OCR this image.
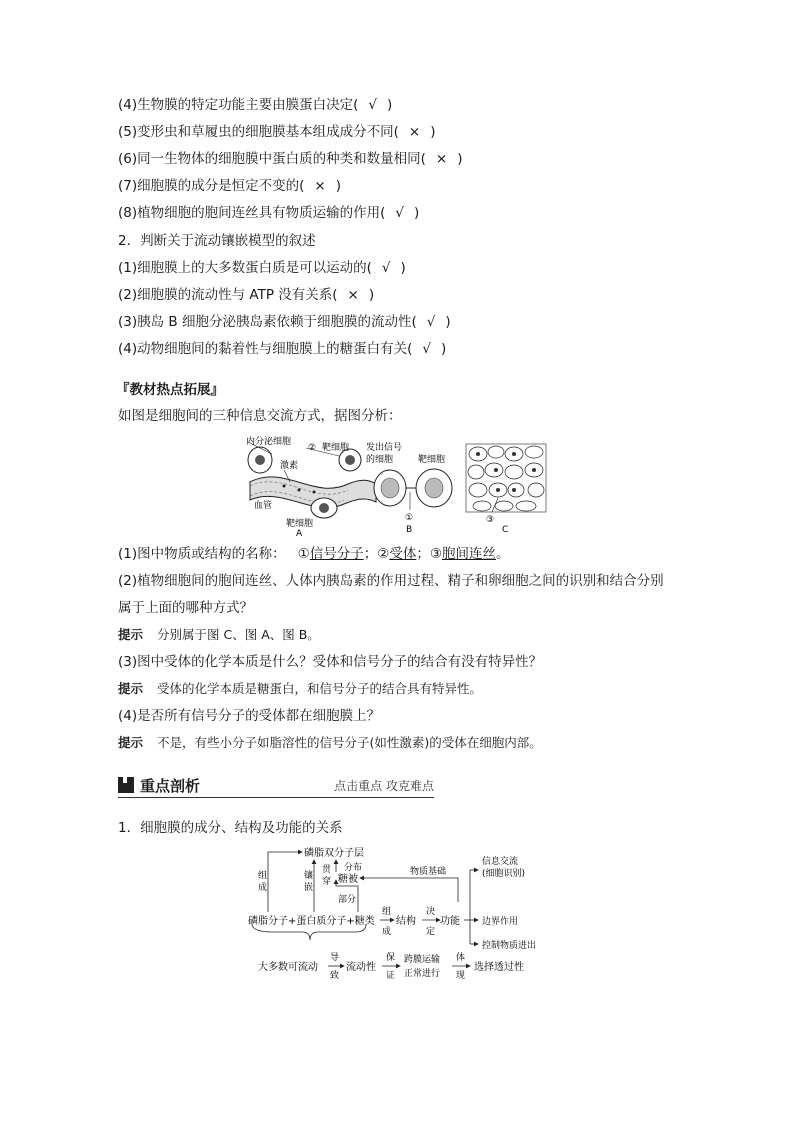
(4)生物膜的特定功能主要由膜蛋白决定( √ )
(5)变形虫和草履虫的细胞膜基本组成成分不同( × )
(6)同一生物体的细胞膜中蛋白质的种类和数量相同( × )
(7)细胞膜的成分是恒定不变的( × )
(8)植物细胞的胞间连丝具有物质运输的作用( √ )
2．判断关于流动镶嵌模型的叙述
(1)细胞膜上的大多数蛋白质是可以运动的( √ )
(2)细胞膜的流动性与 ATP 没有关系( × )
(3)胰岛 B 细胞分泌胰岛素依赖于细胞膜的流动性( √ )
(4)动物细胞间的黏着性与细胞膜上的糖蛋白有关( √ )
『教材热点拓展』
如图是细胞间的三种信息交流方式，据图分析：
内分泌细胞
② 靶细胞
激素
血管
靶细胞
A
发出信号
的细胞	靶细胞
①
B
③
C
(1)图中物质或结构的名称： ①信号分子；②受体；③胞间连丝。
(2)植物细胞间的胞间连丝、人体内胰岛素的作用过程、精子和卵细胞之间的识别和结合分别
属于上面的哪种方式？
提示 分别属于图 C、图 A、图 B。
(3)图中受体的化学本质是什么？受体和信号分子的结合有没有特异性？
提示 受体的化学本质是糖蛋白，和信号分子的结合具有特异性。
(4)是否所有信号分子的受体都在细胞膜上？
提示 不是，有些小分子如脂溶性的信号分子(如性激素)的受体在细胞内部。
重点剖析	点击重点 攻克难点
1．细胞膜的成分、结构及功能的关系
磷脂双分子层
分布
组
成
镶
嵌
贯
穿 糖被
物质基础
部分
磷脂分子+蛋白质分子+糖类
组
成
结构
决
定
功能
信息交流
(细胞识别)
边界作用
控制物质进出
大多数可流动
导
致
流动性
保
证
跨膜运输
正常进行
体
现
选择透过性
